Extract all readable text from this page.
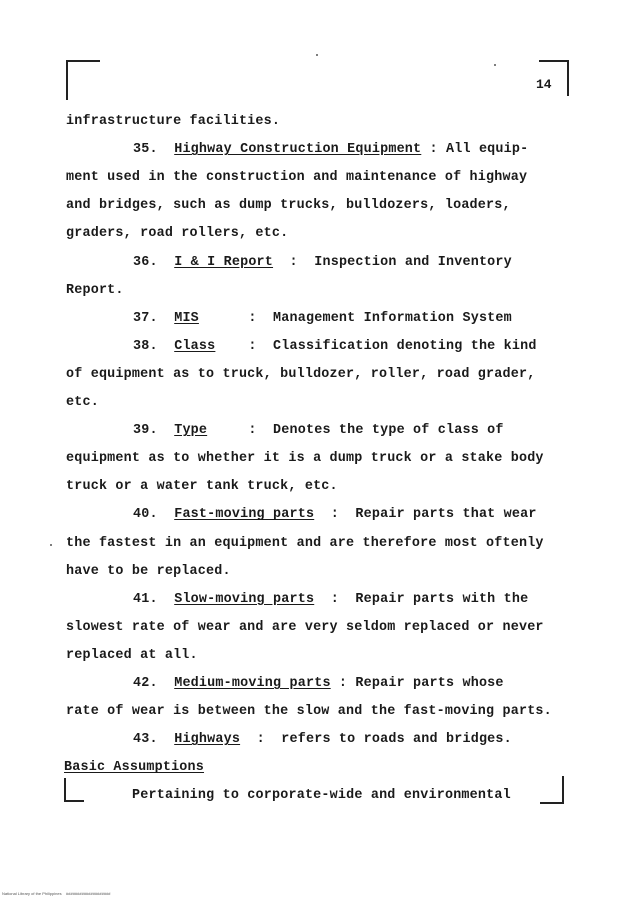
14
infrastructure facilities.
35. Highway Construction Equipment : All equip-
ment used in the construction and maintenance of highway
and bridges, such as dump trucks, bulldozers, loaders,
graders, road rollers, etc.
36. I & I Report  :  Inspection and Inventory
Report.
37. MIS      :  Management Information System
38. Class    :  Classification denoting the kind
of equipment as to truck, bulldozer, roller, road grader,
etc.
39. Type     :  Denotes the type of class of
equipment as to whether it is a dump truck or a stake body
truck or a water tank truck, etc.
40. Fast-moving parts  :  Repair parts that wear
the fastest in an equipment and are therefore most oftenly
have to be replaced.
41. Slow-moving parts  :  Repair parts with the
slowest rate of wear and are very seldom replaced or never
replaced at all.
42. Medium-moving parts : Repair parts whose
rate of wear is between the slow and the fast-moving parts.
43. Highways  :  refers to roads and bridges.
Basic Assumptions
Pertaining to corporate-wide and environmental
National Library of the Philippines    ####################
